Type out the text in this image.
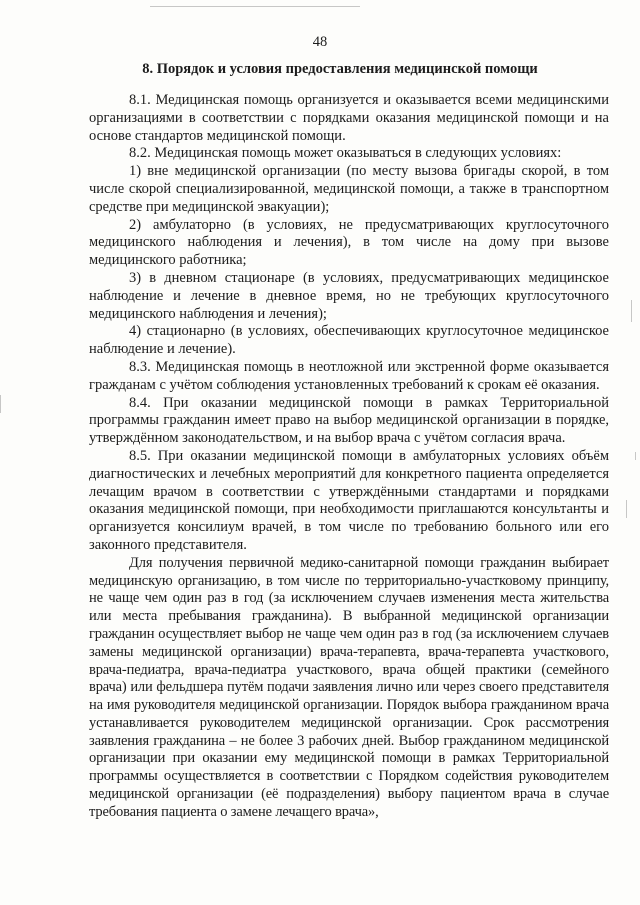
48
8. Порядок и условия предоставления медицинской помощи

8.1. Медицинская помощь организуется и оказывается всеми медицинскими организациями в соответствии с порядками оказания медицинской помощи и на основе стандартов медицинской помощи.

8.2. Медицинская помощь может оказываться в следующих условиях:

1) вне медицинской организации (по месту вызова бригады скорой, в том числе скорой специализированной, медицинской помощи, а также в транспортном средстве при медицинской эвакуации);

2) амбулаторно (в условиях, не предусматривающих круглосуточного медицинского наблюдения и лечения), в том числе на дому при вызове медицинского работника;

3) в дневном стационаре (в условиях, предусматривающих медицинское наблюдение и лечение в дневное время, но не требующих круглосуточного медицинского наблюдения и лечения);

4) стационарно (в условиях, обеспечивающих круглосуточное медицинское наблюдение и лечение).

8.3. Медицинская помощь в неотложной или экстренной форме оказывается гражданам с учётом соблюдения установленных требований к срокам её оказания.

8.4. При оказании медицинской помощи в рамках Территориальной программы гражданин имеет право на выбор медицинской организации в порядке, утверждённом законодательством, и на выбор врача с учётом согласия врача.

8.5. При оказании медицинской помощи в амбулаторных условиях объём диагностических и лечебных мероприятий для конкретного пациента определяется лечащим врачом в соответствии с утверждёнными стандартами и порядками оказания медицинской помощи, при необходимости приглашаются консультанты и организуется консилиум врачей, в том числе по требованию больного или его законного представителя.

Для получения первичной медико-санитарной помощи гражданин выбирает медицинскую организацию, в том числе по территориально-участковому принципу, не чаще чем один раз в год (за исключением случаев изменения места жительства или места пребывания гражданина). В выбранной медицинской организации гражданин осуществляет выбор не чаще чем один раз в год (за исключением случаев замены медицинской организации) врача-терапевта, врача-терапевта участкового, врача-педиатра, врача-педиатра участкового, врача общей практики (семейного врача) или фельдшера путём подачи заявления лично или через своего представителя на имя руководителя медицинской организации. Порядок выбора гражданином врача устанавливается руководителем медицинской организации. Срок рассмотрения заявления гражданина – не более 3 рабочих дней. Выбор гражданином медицинской организации при оказании ему медицинской помощи в рамках Территориальной программы осуществляется в соответствии с Порядком содействия руководителем медицинской организации (её подразделения) выбору пациентом врача в случае требования пациента о замене лечащего врача»,
